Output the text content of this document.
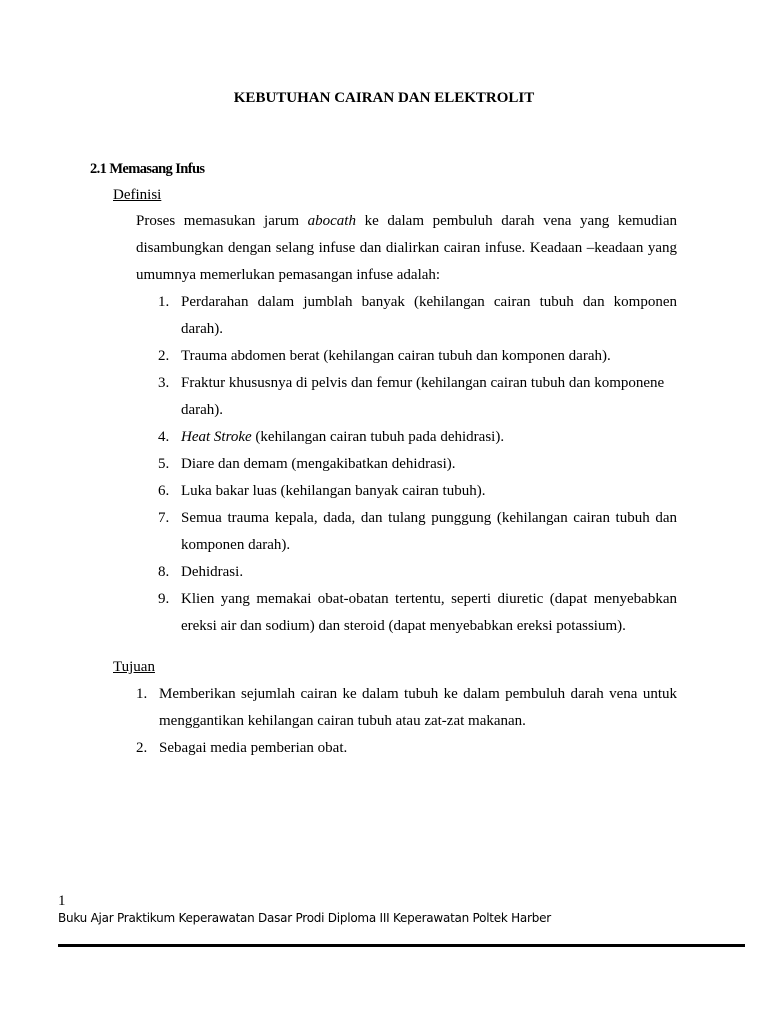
KEBUTUHAN CAIRAN DAN ELEKTROLIT
2.1 Memasang Infus
Definisi
Proses memasukan jarum abocath ke dalam pembuluh darah vena yang kemudian
disambungkan dengan selang infuse dan dialirkan cairan infuse. Keadaan –keadaan yang
umumnya memerlukan pemasangan infuse adalah:
1. Perdarahan dalam jumblah banyak (kehilangan cairan tubuh dan komponen
darah).
2. Trauma abdomen berat (kehilangan cairan tubuh dan komponen darah).
3. Fraktur khususnya di pelvis dan femur (kehilangan cairan tubuh dan komponene
darah).
4. Heat Stroke (kehilangan cairan tubuh pada dehidrasi).
5. Diare dan demam (mengakibatkan dehidrasi).
6. Luka bakar luas (kehilangan banyak cairan tubuh).
7. Semua trauma kepala, dada, dan tulang punggung (kehilangan cairan tubuh dan
komponen darah).
8. Dehidrasi.
9. Klien yang memakai obat-obatan tertentu, seperti diuretic (dapat menyebabkan
ereksi air dan sodium) dan steroid (dapat menyebabkan ereksi potassium).
Tujuan
1. Memberikan sejumlah cairan ke dalam tubuh ke dalam pembuluh darah vena untuk
menggantikan kehilangan cairan tubuh atau zat-zat makanan.
2. Sebagai media pemberian obat.
1
Buku Ajar Praktikum Keperawatan Dasar Prodi Diploma III Keperawatan Poltek Harber
